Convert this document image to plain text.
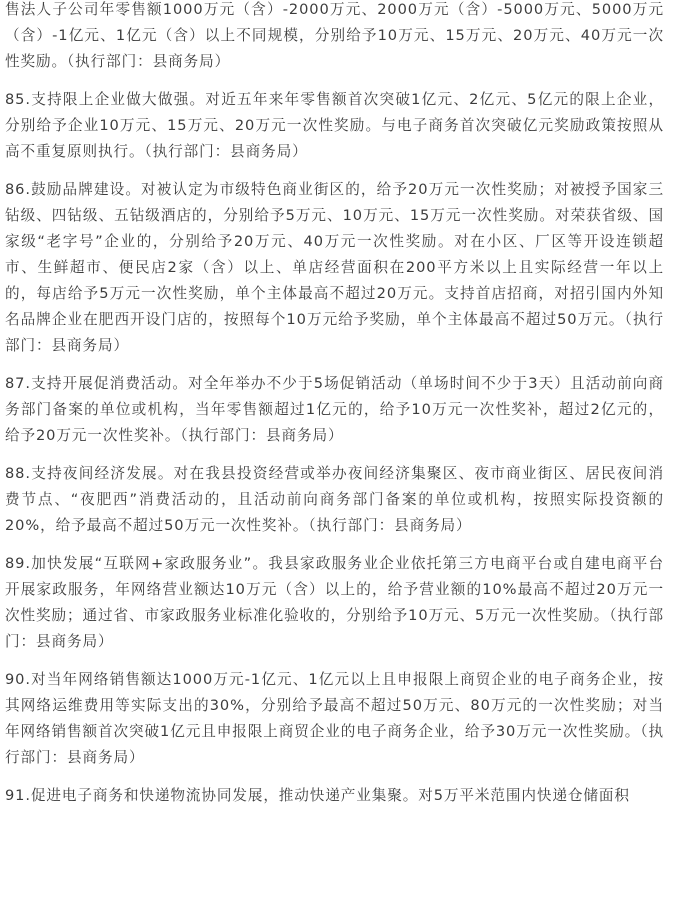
售法人子公司年零售额1000万元（含）-2000万元、2000万元（含）-5000万元、5000万元（含）-1亿元、1亿元（含）以上不同规模，分别给予10万元、15万元、20万元、40万元一次性奖励。（执行部门：县商务局）

85.支持限上企业做大做强。对近五年来年零售额首次突破1亿元、2亿元、5亿元的限上企业，分别给予企业10万元、15万元、20万元一次性奖励。与电子商务首次突破亿元奖励政策按照从高不重复原则执行。（执行部门：县商务局）

86.鼓励品牌建设。对被认定为市级特色商业街区的，给予20万元一次性奖励；对被授予国家三钻级、四钻级、五钻级酒店的，分别给予5万元、10万元、15万元一次性奖励。对荣获省级、国家级“老字号”企业的，分别给予20万元、40万元一次性奖励。对在小区、厂区等开设连锁超市、生鲜超市、便民店2家（含）以上、单店经营面积在200平方米以上且实际经营一年以上的，每店给予5万元一次性奖励，单个主体最高不超过20万元。支持首店招商，对招引国内外知名品牌企业在肥西开设门店的，按照每个10万元给予奖励，单个主体最高不超过50万元。（执行部门：县商务局）

87.支持开展促消费活动。对全年举办不少于5场促销活动（单场时间不少于3天）且活动前向商务部门备案的单位或机构，当年零售额超过1亿元的，给予10万元一次性奖补，超过2亿元的，给予20万元一次性奖补。（执行部门：县商务局）

88.支持夜间经济发展。对在我县投资经营或举办夜间经济集聚区、夜市商业街区、居民夜间消费节点、“夜肥西”消费活动的，且活动前向商务部门备案的单位或机构，按照实际投资额的20%，给予最高不超过50万元一次性奖补。（执行部门：县商务局）

89.加快发展“互联网+家政服务业”。我县家政服务业企业依托第三方电商平台或自建电商平台开展家政服务，年网络营业额达10万元（含）以上的，给予营业额的10%最高不超过20万元一次性奖励；通过省、市家政服务业标准化验收的，分别给予10万元、5万元一次性奖励。（执行部门：县商务局）

90.对当年网络销售额达1000万元-1亿元、1亿元以上且申报限上商贸企业的电子商务企业，按其网络运维费用等实际支出的30%，分别给予最高不超过50万元、80万元的一次性奖励；对当年网络销售额首次突破1亿元且申报限上商贸企业的电子商务企业，给予30万元一次性奖励。（执行部门：县商务局）

91.促进电子商务和快递物流协同发展，推动快递产业集聚。对5万平米范围内快递仓储面积
